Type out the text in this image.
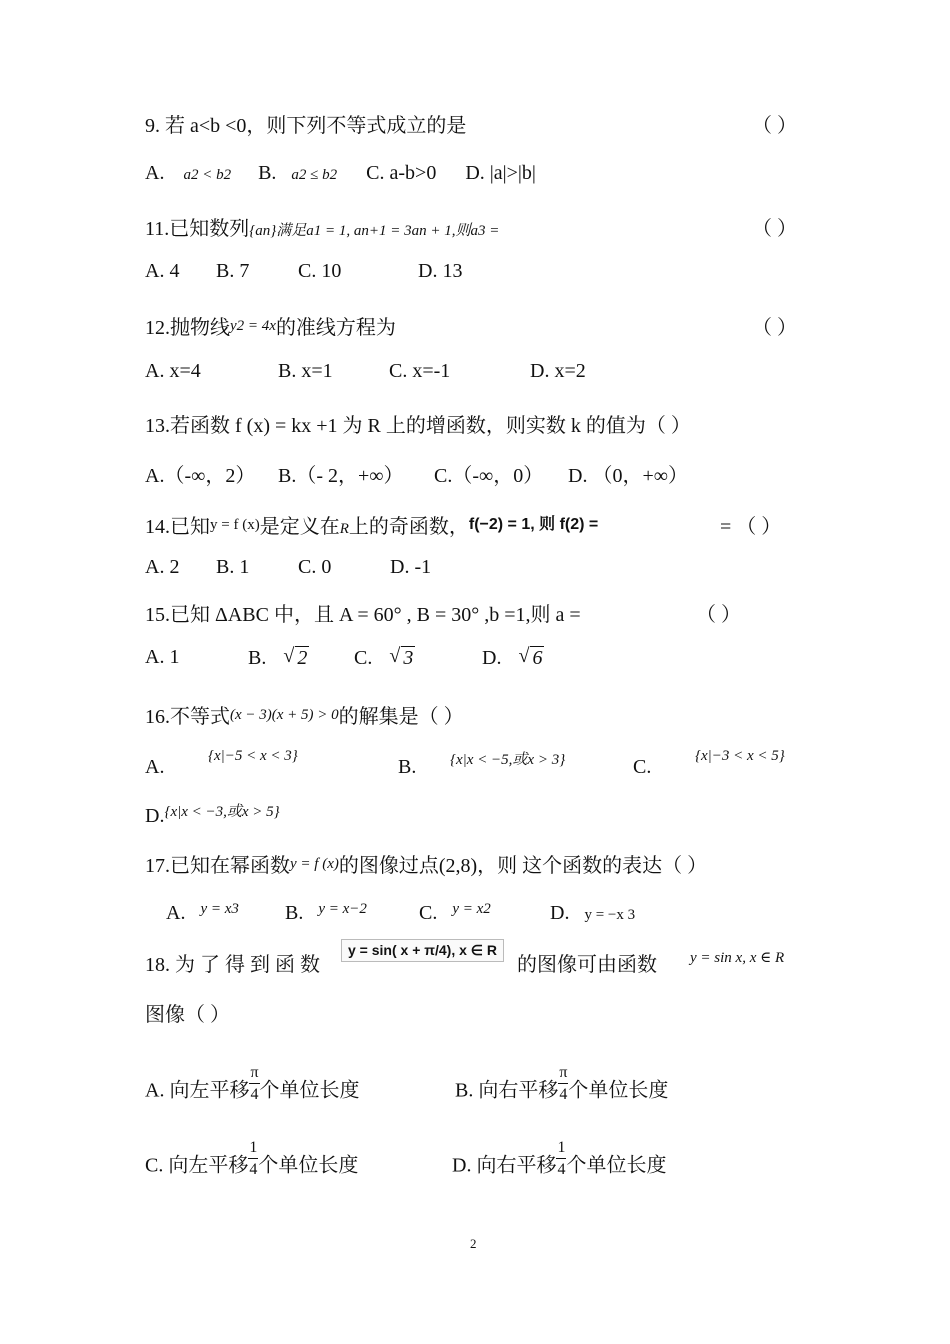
9. 若 a<b <0，则下列不等式成立的是	（ ）
A. a2 < b2 B. a2 ≤ b2 C. a-b>0 D. |a|>|b|
11.已知数列{an}满足a1 = 1, an+1 = 3an + 1,则a3 =	（ ）
A. 4 B. 7 C. 10	D. 13
12.抛物线$^{y2 = 4x}$的准线方程为	（ ）
A. x=4	B. x=1	C. x=-1	D. x=2
13.若函数 f (x) = kx +1 为 R 上的增函数，则实数 k 的值为（ ）
A.（-∞，2） B.（- 2，+∞） C.（-∞，0） D. （0，+∞）
14.已知$^{y = f (x)}$是定义在R上的奇函数，$^{f(-2) = 1, 则 f(2) =}$	= （ ）
A. 2 B. 1 C. 0	D. -1
15.已知 ΔABC 中，且 A = 60° , B = 30° ,b =1,则 a =	（ ）
A. 1	B. √ 2 C. √ 3	D. √ 6
16.不等式$^{(x - 3)(x + 5) > 0}$的解集是（ ）
A.	{x|−5 < x < 3}	B. {x|x < −5,或x > 3}	C.	{x|−3 < x < 5}
D.$^{\{x|x < -3,或x > 5\}}$
17.已知在幂函数$^{y = f (x)}$的图像过点(2,8)，则 这个函数的表达（ ）
A. $^{y = x3}$ B. $^{y = x-2}$	C. $^{y = x2}$	D. y = −x 3
18. 为 了 得 到 函 数
y = sin( x + π/4), x ∈ R
的图像可由函数 y = sin x, x ∈ R
图像（ ）
A. 向左平移 $\frac{\pi}{4}$ 个单位长度	B. 向右平移 $\frac{\pi}{4}$ 个单位长度
C. 向左平移 $\frac{1}{4}$ 个单位长度	D. 向右平移 $\frac{1}{4}$ 个单位长度
2
